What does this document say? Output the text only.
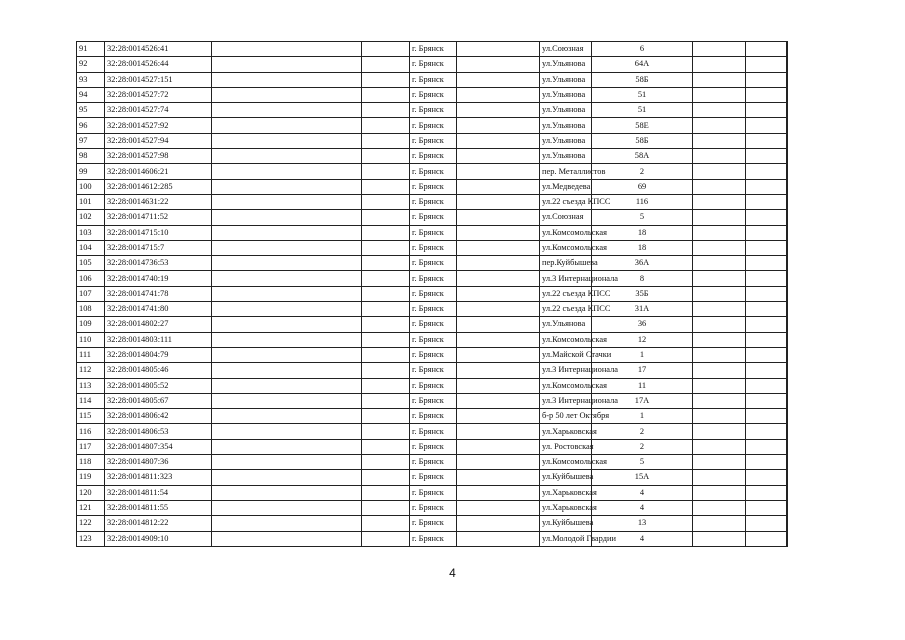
91	32:28:0014526:41			г. Брянск		ул.Союзная	6			
92	32:28:0014526:44			г. Брянск		ул.Ульянова	64А			
93	32:28:0014527:151			г. Брянск		ул.Ульянова	58Б			
94	32:28:0014527:72			г. Брянск		ул.Ульянова	51			
95	32:28:0014527:74			г. Брянск		ул.Ульянова	51			
96	32:28:0014527:92			г. Брянск		ул.Ульянова	58Е			
97	32:28:0014527:94			г. Брянск		ул.Ульянова	58Б			
98	32:28:0014527:98			г. Брянск		ул.Ульянова	58А			
99	32:28:0014606:21			г. Брянск		пер. Металлистов	2			
100	32:28:0014612:285			г. Брянск		ул.Медведева	69			
101	32:28:0014631:22			г. Брянск		ул.22 съезда КПСС	116			
102	32:28:0014711:52			г. Брянск		ул.Союзная	5			
103	32:28:0014715:10			г. Брянск		ул.Комсомольская	18			
104	32:28:0014715:7			г. Брянск		ул.Комсомольская	18			
105	32:28:0014736:53			г. Брянск		пер.Куйбышева	36А			
106	32:28:0014740:19			г. Брянск		ул.3 Интернационала	8			
107	32:28:0014741:78			г. Брянск		ул.22 съезда КПСС	35Б			
108	32:28:0014741:80			г. Брянск		ул.22 съезда КПСС	31А			
109	32:28:0014802:27			г. Брянск		ул.Ульянова	36			
110	32:28:0014803:111			г. Брянск		ул.Комсомольская	12			
111	32:28:0014804:79			г. Брянск		ул.Майской Стачки	1			
112	32:28:0014805:46			г. Брянск		ул.3 Интернационала	17			
113	32:28:0014805:52			г. Брянск		ул.Комсомольская	11			
114	32:28:0014805:67			г. Брянск		ул.3 Интернационала	17А			
115	32:28:0014806:42			г. Брянск		б-р 50 лет Октября	1			
116	32:28:0014806:53			г. Брянск		ул.Харьковская	2			
117	32:28:0014807:354			г. Брянск		ул. Ростовская	2			
118	32:28:0014807:36			г. Брянск		ул.Комсомольская	5			
119	32:28:0014811:323			г. Брянск		ул.Куйбышева	15А			
120	32:28:0014811:54			г. Брянск		ул.Харьковская	4			
121	32:28:0014811:55			г. Брянск		ул.Харьковская	4			
122	32:28:0014812:22			г. Брянск		ул.Куйбышева	13			
123	32:28:0014909:10			г. Брянск		ул.Молодой Гвардии	4			
4
